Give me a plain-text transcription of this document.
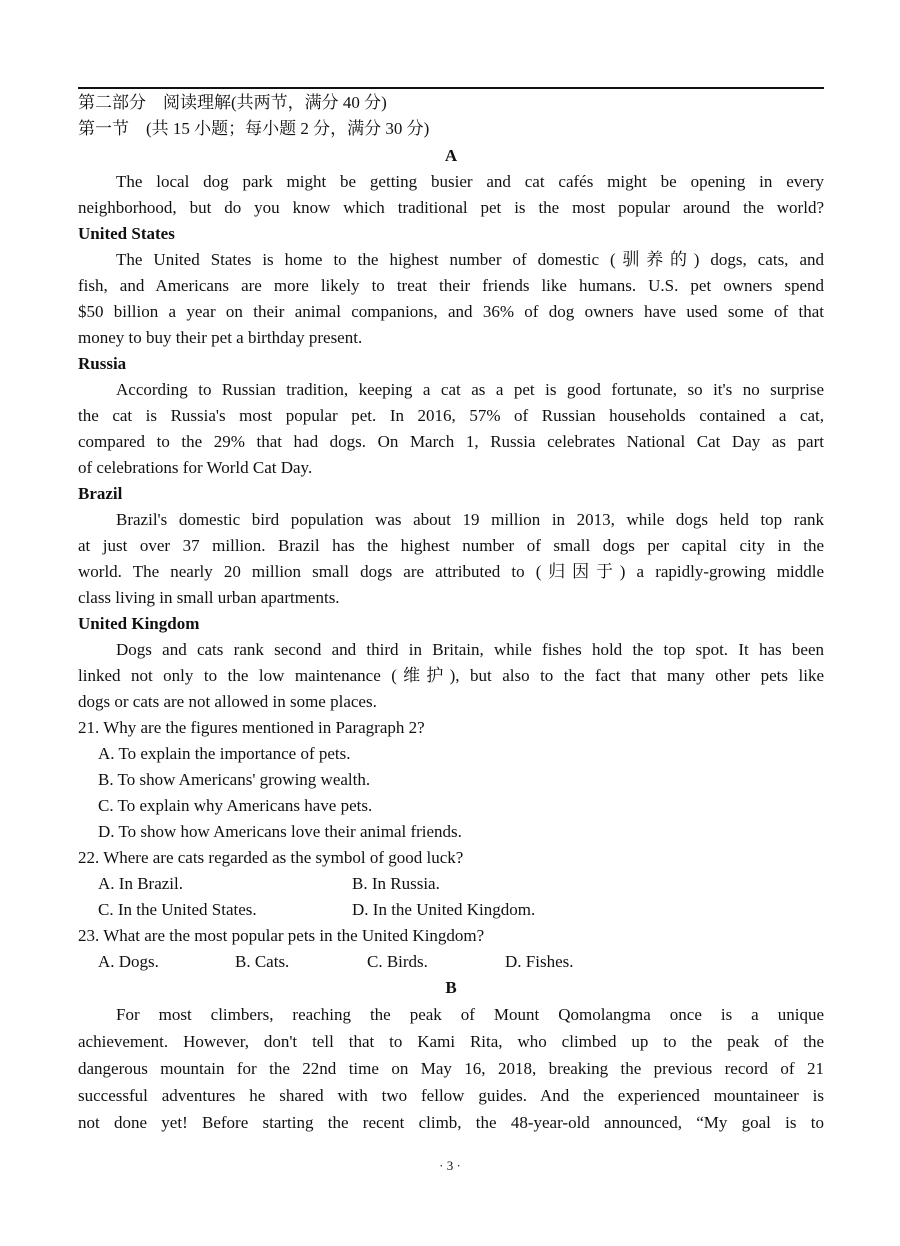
第二部分　阅读理解(共两节，满分 40 分)
第一节　(共 15 小题；每小题 2 分，满分 30 分)
A
The local dog park might be getting busier and cat cafés might be opening in every
neighborhood, but do you know which traditional pet is the most popular around the world?
United States
The United States is home to the highest number of domestic (驯养的) dogs, cats, and
fish, and Americans are more likely to treat their friends like humans. U.S. pet owners spend
$50 billion a year on their animal companions, and 36% of dog owners have used some of that
money to buy their pet a birthday present.
Russia
According to Russian tradition, keeping a cat as a pet is good fortunate, so it's no surprise
the cat is Russia's most popular pet. In 2016, 57% of Russian households contained a cat,
compared to the 29% that had dogs. On March 1, Russia celebrates National Cat Day as part
of celebrations for World Cat Day.
Brazil
Brazil's domestic bird population was about 19 million in 2013, while dogs held top rank
at just over 37 million. Brazil has the highest number of small dogs per capital city in the
world. The nearly 20 million small dogs are attributed to (归因于) a rapidly-growing middle
class living in small urban apartments.
United Kingdom
Dogs and cats rank second and third in Britain, while fishes hold the top spot. It has been
linked not only to the low maintenance (维护), but also to the fact that many other pets like
dogs or cats are not allowed in some places.
21. Why are the figures mentioned in Paragraph 2?
A. To explain the importance of pets.
B. To show Americans' growing wealth.
C. To explain why Americans have pets.
D. To show how Americans love their animal friends.
22. Where are cats regarded as the symbol of good luck?
A. In Brazil.	B. In Russia.
C. In the United States.	D. In the United Kingdom.
23. What are the most popular pets in the United Kingdom?
A. Dogs.	B. Cats.	C. Birds.	D. Fishes.
B
For most climbers, reaching the peak of Mount Qomolangma once is a unique
achievement. However, don't tell that to Kami Rita, who climbed up to the peak of the
dangerous mountain for the 22nd time on May 16, 2018, breaking the previous record of 21
successful adventures he shared with two fellow guides. And the experienced mountaineer is
not done yet! Before starting the recent climb, the 48-year-old announced, “My goal is to
· 3 ·
